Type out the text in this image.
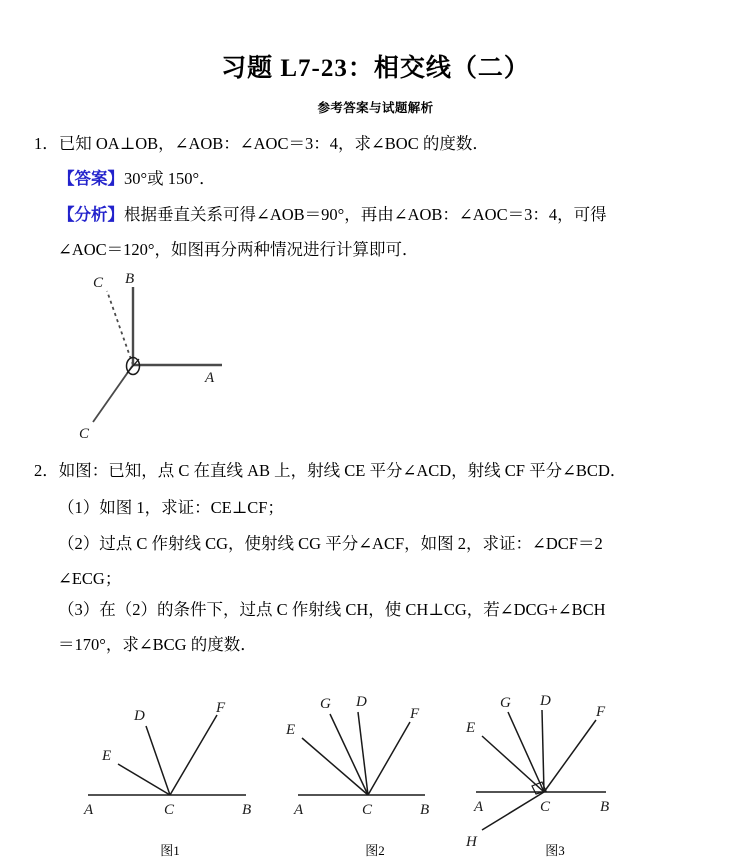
习题 L7-23：相交线（二）
参考答案与试题解析
1．已知 OA⊥OB，∠AOB：∠AOC＝3：4，求∠BOC 的度数．
【答案】30°或 150°．
【分析】根据垂直关系可得∠AOB＝90°，再由∠AOB：∠AOC＝3：4，可得
∠AOC＝120°，如图再分两种情况进行计算即可．
C B
A
C
2．如图：已知，点 C 在直线 AB 上，射线 CE 平分∠ACD，射线 CF 平分∠BCD．
（1）如图 1，求证：CE⊥CF；
（2）过点 C 作射线 CG，使射线 CG 平分∠ACF，如图 2，求证：∠DCF＝2
∠ECG；
（3）在（2）的条件下，过点 C 作射线 CH，使 CH⊥CG，若∠DCG+∠BCH
＝170°，求∠BCG 的度数．
A	B
C
E
D	F
图1
A	B
C
E
G D
F
图2
A	B
C
E
G D
F
H
图3
